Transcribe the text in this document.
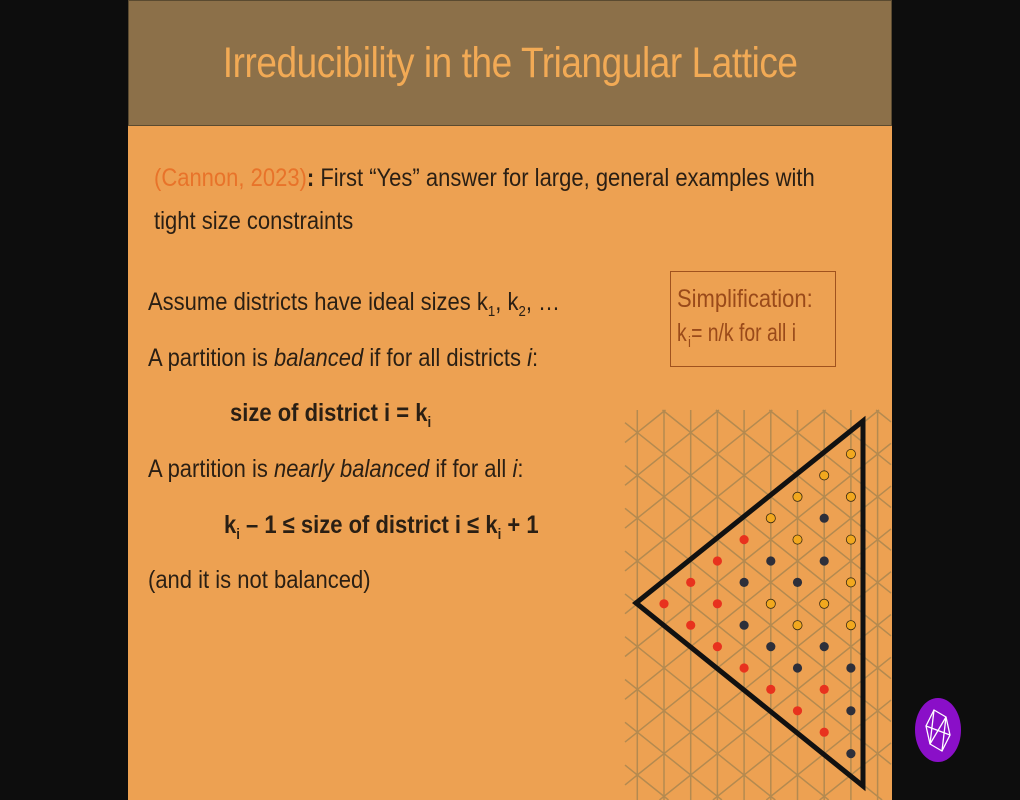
Irreducibility in the Triangular Lattice
(Cannon, 2023): First “Yes” answer for large, general examples with
tight size constraints
Assume districts have ideal sizes $k_1$, $k_2$, …
A partition is balanced if for all districts i:
size of district $i = k_i$
A partition is nearly balanced if for all i:
$k_i - 1$ ≤ size of district $i \le k_i + 1$
(and it is not balanced)
Simplification:
$k_i= n/k$ for all i
